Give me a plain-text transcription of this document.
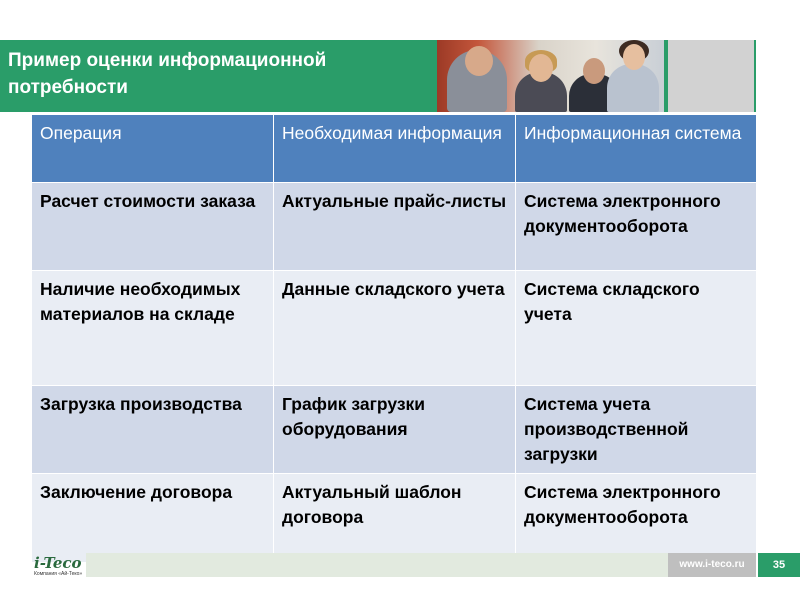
Пример оценки информационной потребности
Операция	Необходимая информация	Информационная система
Расчет стоимости заказа	Актуальные прайс-листы	Система электронного документооборота
Наличие необходимых материалов на складе	Данные складского учета	Система складского учета
Загрузка производства	График загрузки оборудования	Система учета производственной загрузки
Заключение договора	Актуальный шаблон договора	Система электронного документооборота
www.i-teco.ru	35
i-Teco
Компания «Ай-Теко»
